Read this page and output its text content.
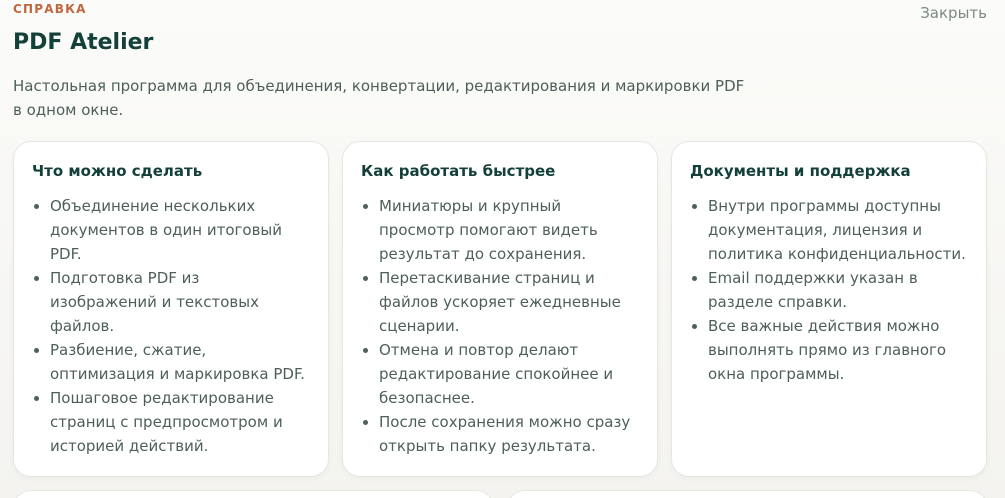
СПРАВКА	Закрыть
PDF Atelier

Настольная программа для объединения, конвертации, редактирования и маркировки PDF в одном окне.

Что можно сделать
Объединение нескольких документов в один итоговый PDF.
Подготовка PDF из изображений и текстовых файлов.
Разбиение, сжатие, оптимизация и маркировка PDF.
Пошаговое редактирование страниц с предпросмотром и историей действий.
Как работать быстрее
Миниатюры и крупный просмотр помогают видеть результат до сохранения.
Перетаскивание страниц и файлов ускоряет ежедневные сценарии.
Отмена и повтор делают редактирование спокойнее и безопаснее.
После сохранения можно сразу открыть папку результата.
Документы и поддержка
Внутри программы доступны документация, лицензия и политика конфиденциальности.
Email поддержки указан в разделе справки.
Все важные действия можно выполнять прямо из главного окна программы.
